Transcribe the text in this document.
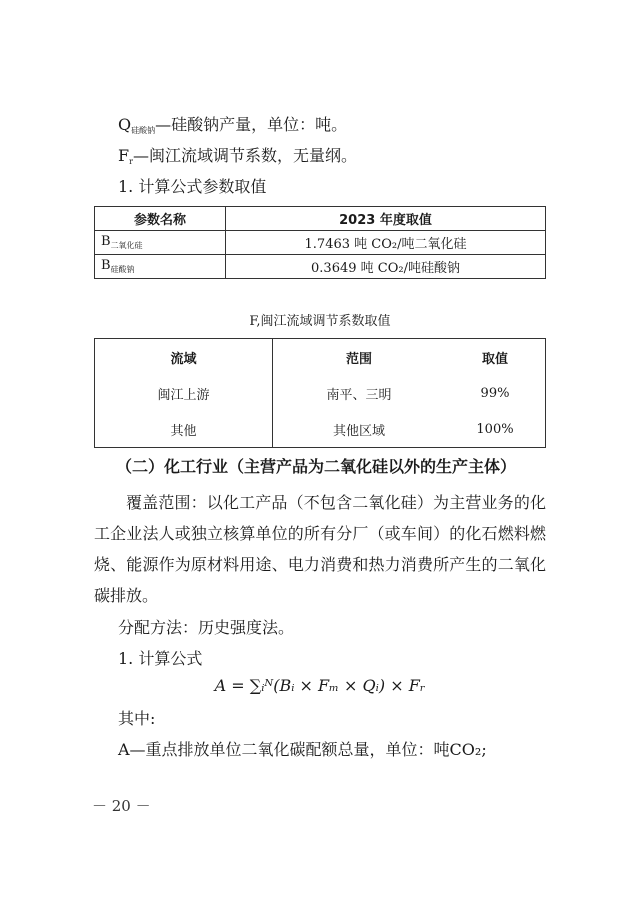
$Q_{硅酸钠}—$硅酸钠产量，单位：吨。
$F_r—$闽江流域调节系数，无量纲。
1. 计算公式参数取值
参数名称	2023 年度取值
$B_{二氧化硅}$	1.7463 吨 CO₂/吨二氧化硅
$B_{硅酸钠}$	0.3649 吨 CO₂/吨硅酸钠
F,闽江流域调节系数取值
流域	范围	取值
闽江上游	南平、三明	99%
其他	其他区域	100%
（二）化工行业（主营产品为二氧化硅以外的生产主体）
覆盖范围：以化工产品（不包含二氧化硅）为主营业务的化工企业法人或独立核算单位的所有分厂（或车间）的化石燃料燃烧、能源作为原材料用途、电力消费和热力消费所产生的二氧化碳排放。
分配方法：历史强度法。
1. 计算公式
A = ∑ᵢᴺ(Bᵢ × Fₘ × Qᵢ) × Fᵣ
其中:
A—重点排放单位二氧化碳配额总量，单位：吨CO₂;
－ 20 －
